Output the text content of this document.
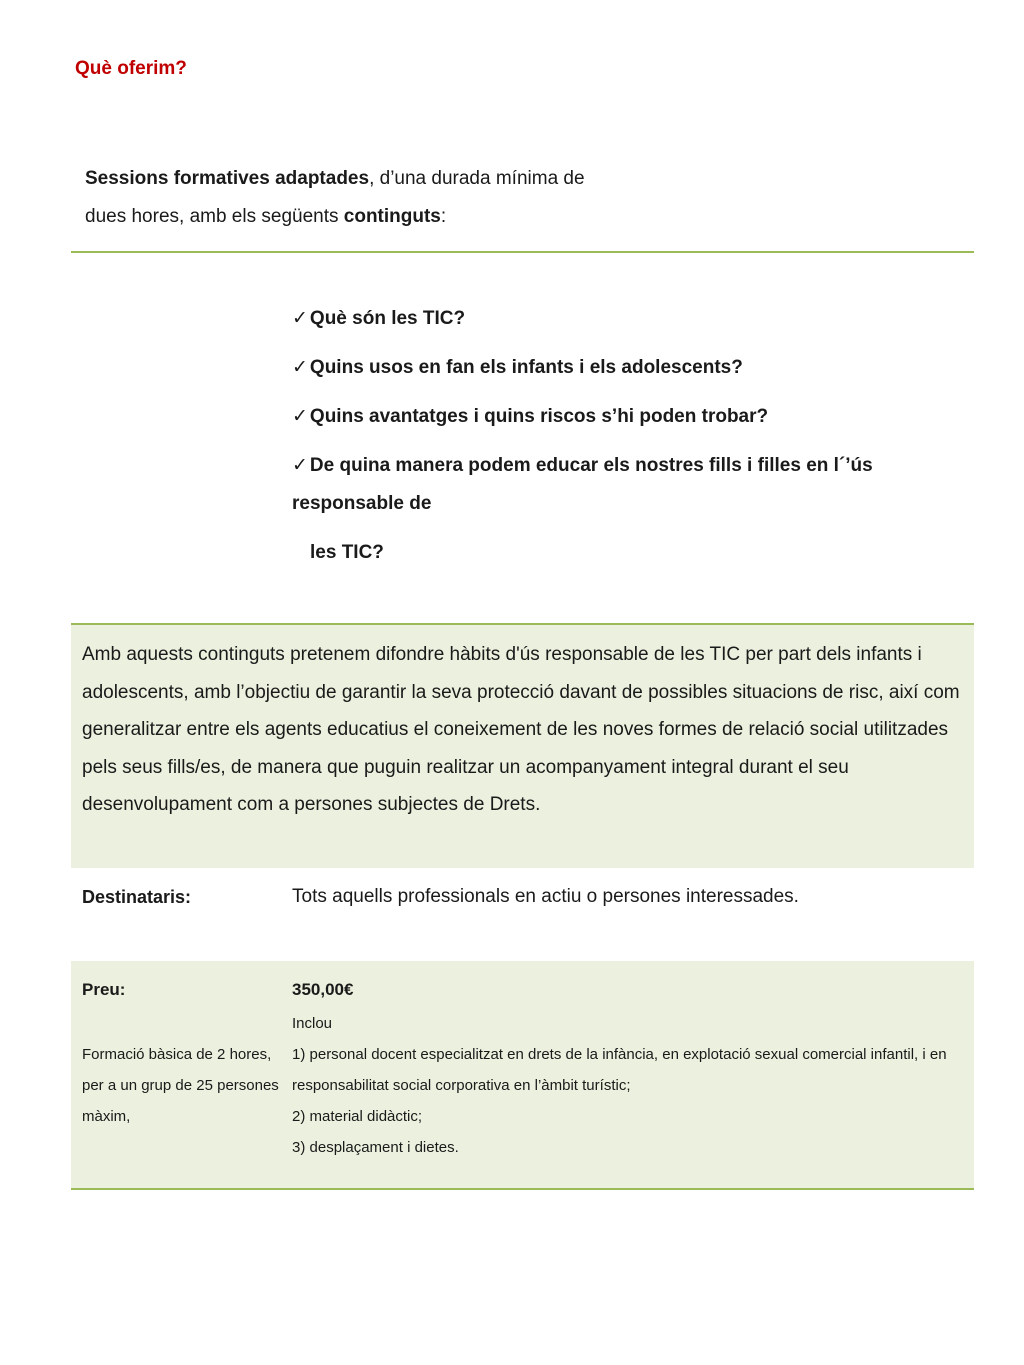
Què oferim?
Sessions formatives adaptades, d’una durada mínima de dues hores, amb els següents continguts:
✓ Què són les TIC?
✓ Quins usos en fan els infants i els adolescents?
✓ Quins avantatges i quins riscos s’hi poden trobar?
✓ De quina manera podem educar els nostres fills i filles en l´’ús responsable de
les TIC?

Amb aquests continguts pretenem difondre hàbits d'ús responsable de les TIC per part dels infants i adolescents, amb l’objectiu de garantir la seva protecció davant de possibles situacions de risc, així com generalitzar entre els agents educatius el coneixement de les noves formes de relació social utilitzades pels seus fills/es, de manera que puguin realitzar un acompanyament integral durant el seu desenvolupament com a persones subjectes de Drets.

Destinataris:	Tots aquells professionals en actiu o persones interessades.

Preu:

Formació bàsica de 2 hores, per a un grup de 25 persones màxim,

350,00€

Inclou
1) personal docent especialitzat en drets de la infància, en explotació sexual comercial infantil, i en responsabilitat social corporativa en l’àmbit turístic;
2) material didàctic;
3) desplaçament i dietes.
